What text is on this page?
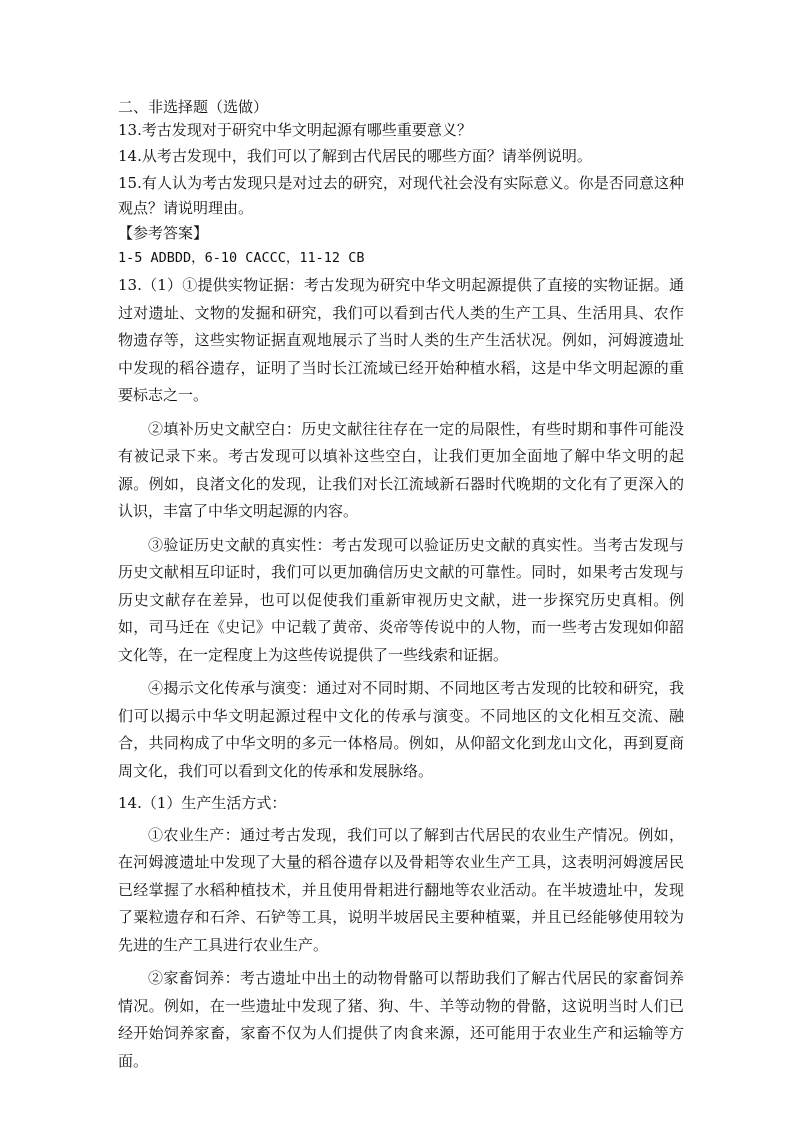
二、非选择题（选做）
13.考古发现对于研究中华文明起源有哪些重要意义？
14.从考古发现中，我们可以了解到古代居民的哪些方面？请举例说明。

15.有人认为考古发现只是对过去的研究，对现代社会没有实际意义。你是否同意这种观点？请说明理由。

【参考答案】
1-5 ADBDD，6-10 CACCC，11-12 CB

13.（1）①提供实物证据：考古发现为研究中华文明起源提供了直接的实物证据。通过对遗址、文物的发掘和研究，我们可以看到古代人类的生产工具、生活用具、农作物遗存等，这些实物证据直观地展示了当时人类的生产生活状况。例如，河姆渡遗址中发现的稻谷遗存，证明了当时长江流域已经开始种植水稻，这是中华文明起源的重要标志之一。

②填补历史文献空白：历史文献往往存在一定的局限性，有些时期和事件可能没有被记录下来。考古发现可以填补这些空白，让我们更加全面地了解中华文明的起源。例如，良渚文化的发现，让我们对长江流域新石器时代晚期的文化有了更深入的认识，丰富了中华文明起源的内容。

③验证历史文献的真实性：考古发现可以验证历史文献的真实性。当考古发现与历史文献相互印证时，我们可以更加确信历史文献的可靠性。同时，如果考古发现与历史文献存在差异，也可以促使我们重新审视历史文献，进一步探究历史真相。例如，司马迁在《史记》中记载了黄帝、炎帝等传说中的人物，而一些考古发现如仰韶文化等，在一定程度上为这些传说提供了一些线索和证据。

④揭示文化传承与演变：通过对不同时期、不同地区考古发现的比较和研究，我们可以揭示中华文明起源过程中文化的传承与演变。不同地区的文化相互交流、融合，共同构成了中华文明的多元一体格局。例如，从仰韶文化到龙山文化，再到夏商周文化，我们可以看到文化的传承和发展脉络。

14.（1）生产生活方式：

①农业生产：通过考古发现，我们可以了解到古代居民的农业生产情况。例如，在河姆渡遗址中发现了大量的稻谷遗存以及骨耜等农业生产工具，这表明河姆渡居民已经掌握了水稻种植技术，并且使用骨耜进行翻地等农业活动。在半坡遗址中，发现了粟粒遗存和石斧、石铲等工具，说明半坡居民主要种植粟，并且已经能够使用较为先进的生产工具进行农业生产。

②家畜饲养：考古遗址中出土的动物骨骼可以帮助我们了解古代居民的家畜饲养情况。例如，在一些遗址中发现了猪、狗、牛、羊等动物的骨骼，这说明当时人们已经开始饲养家畜，家畜不仅为人们提供了肉食来源，还可能用于农业生产和运输等方面。
